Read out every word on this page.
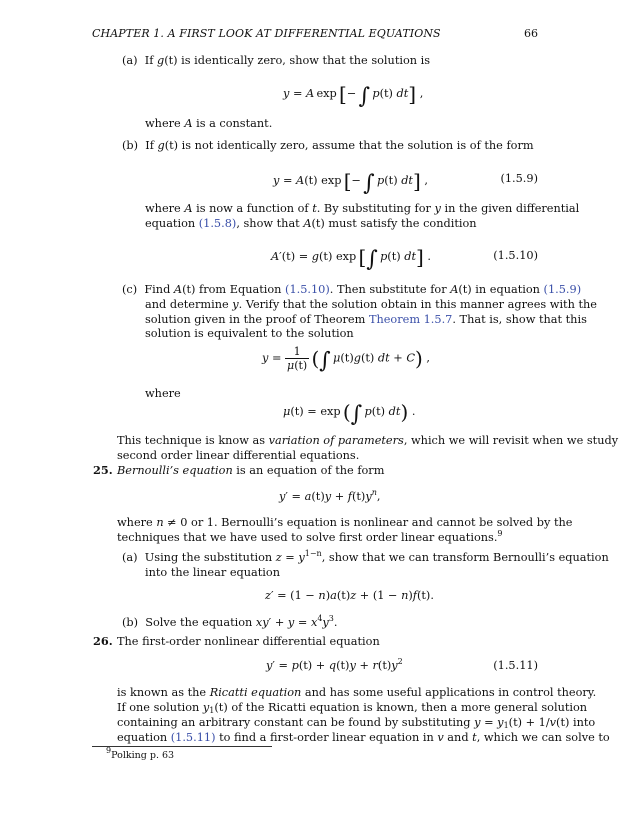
CHAPTER 1. A FIRST LOOK AT DIFFERENTIAL EQUATIONS	66
(a) If g(t) is identically zero, show that the solution is
y = A  exp  [−  ∫  p(t) dt] ,
where A is a constant.
(b) If g(t) is not identically zero, assume that the solution is of the form
y = A(t) exp  [−  ∫  p(t) dt] ,	(1.5.9)
where A is now a function of t. By substituting for y in the given differential
equation (1.5.8), show that A(t) must satisfy the condition
A′(t) = g(t) exp  [∫  p(t) dt] .	(1.5.10)
(c) Find A(t) from Equation (1.5.10). Then substitute for A(t) in equation (1.5.9)
and determine y. Verify that the solution obtain in this manner agrees with the
solution given in the proof of Theorem Theorem 1.5.7. That is, show that this
solution is equivalent to the solution
$y = \frac{1}{\mu(t)}$
  (∫  μ(t)g(t) dt + C) ,
where
μ(t) = exp  (∫  p(t) dt) .
This technique is know as variation of parameters, which we will revisit when we study
second order linear differential equations.
25. Bernoulli’s equation is an equation of the form
$y' = a(t)y + f(t)y^n$,
where n ≠ 0 or 1. Bernoulli’s equation is nonlinear and cannot be solved by the
techniques that we have used to solve first order linear equations.$^9$
(a) Using the substitution $z = y^{1-n}$, show that we can transform Bernoulli’s equation
into the linear equation
z′ = (1 − n)a(t)z + (1 − n)f(t).
(b) Solve the equation $xy' + y = x^4y^3$.
26. The first-order nonlinear differential equation
$y' = p(t) + q(t)y + r(t)y^2$	(1.5.11)
is known as the Ricatti equation and has some useful applications in control theory.
If one solution $y_1(t)$ of the Ricatti equation is known, then a more general solution
containing an arbitrary constant can be found by substituting $y = y_1(t) + 1/v(t)$ into
equation (1.5.11) to find a first-order linear equation in v and t, which we can solve to
$^9$Polking p. 63
